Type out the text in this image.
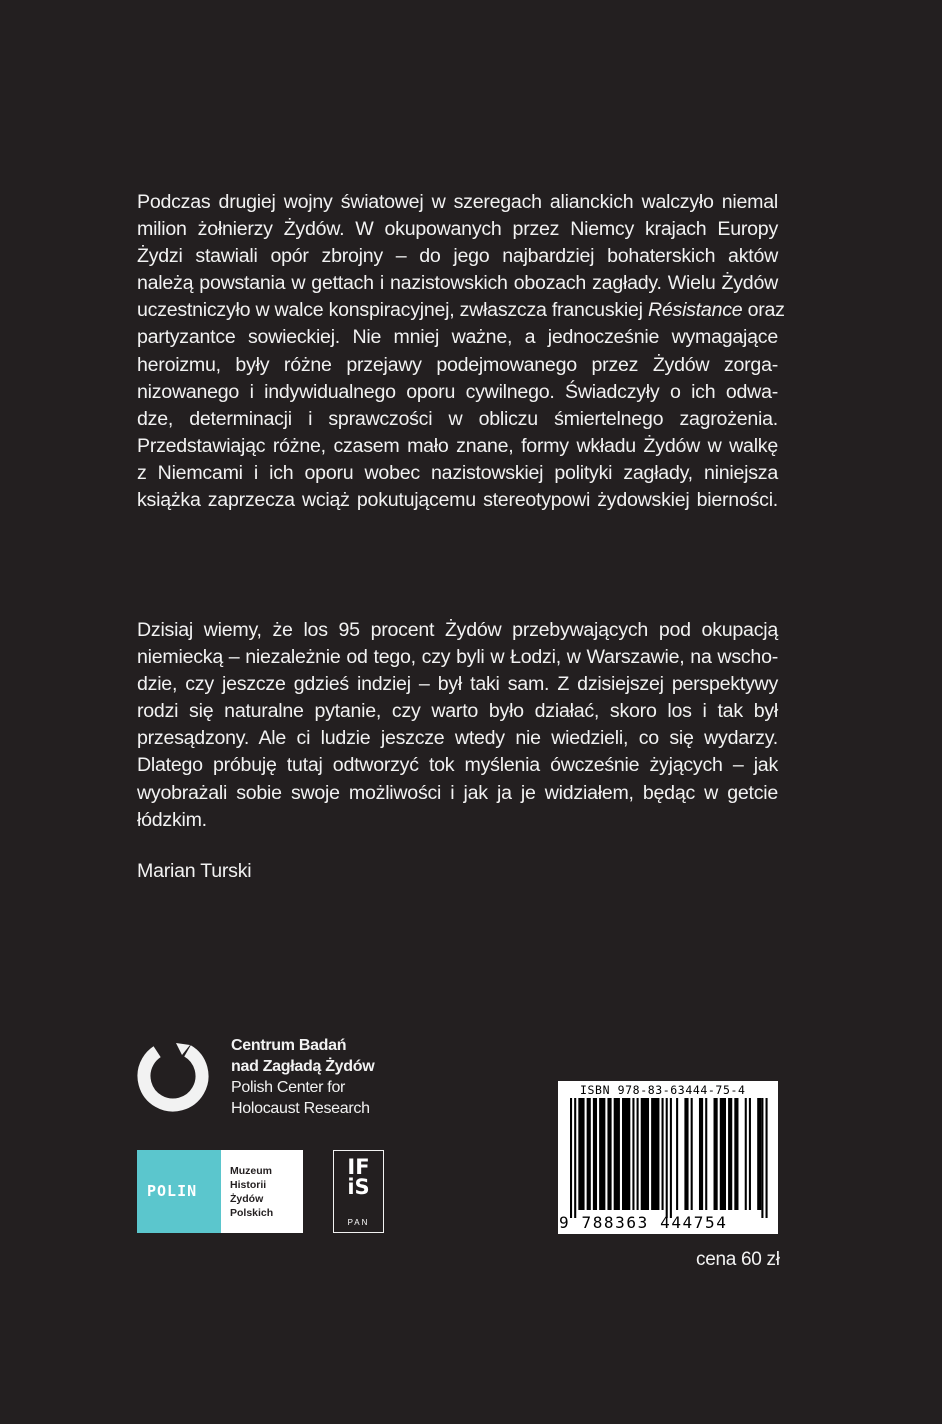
Podczas drugiej wojny światowej w szeregach alianckich walczyło niemal
milion żołnierzy Żydów. W okupowanych przez Niemcy krajach Europy
Żydzi stawiali opór zbrojny – do jego najbardziej bohaterskich aktów
należą powstania w gettach i nazistowskich obozach zagłady. Wielu Żydów
uczestniczyło w walce konspiracyjnej, zwłaszcza francuskiej Résistance oraz
partyzantce sowieckiej. Nie mniej ważne, a jednocześnie wymagające
heroizmu, były różne przejawy podejmowanego przez Żydów zorga-
nizowanego i indywidualnego oporu cywilnego. Świadczyły o ich odwa-
dze, determinacji i sprawczości w obliczu śmiertelnego zagrożenia.
Przedstawiając różne, czasem mało znane, formy wkładu Żydów w walkę
z Niemcami i ich oporu wobec nazistowskiej polityki zagłady, niniejsza
książka zaprzecza wciąż pokutującemu stereotypowi żydowskiej bierności.
Dzisiaj wiemy, że los 95 procent Żydów przebywających pod okupacją
niemiecką – niezależnie od tego, czy byli w Łodzi, w Warszawie, na wscho-
dzie, czy jeszcze gdzieś indziej – był taki sam. Z dzisiejszej perspektywy
rodzi się naturalne pytanie, czy warto było działać, skoro los i tak był
przesądzony. Ale ci ludzie jeszcze wtedy nie wiedzieli, co się wydarzy.
Dlatego próbuję tutaj odtworzyć tok myślenia ówcześnie żyjących – jak
wyobrażali sobie swoje możliwości i jak ja je widziałem, będąc w getcie
łódzkim.
Marian Turski
Centrum Badań
nad Zagładą Żydów
Polish Center for
Holocaust Research
POLIN
Muzeum
Historii
Żydów
Polskich
IF
iS
PAN
ISBN 978-83-63444-75-4
9 788363 444754
cena 60 zł
